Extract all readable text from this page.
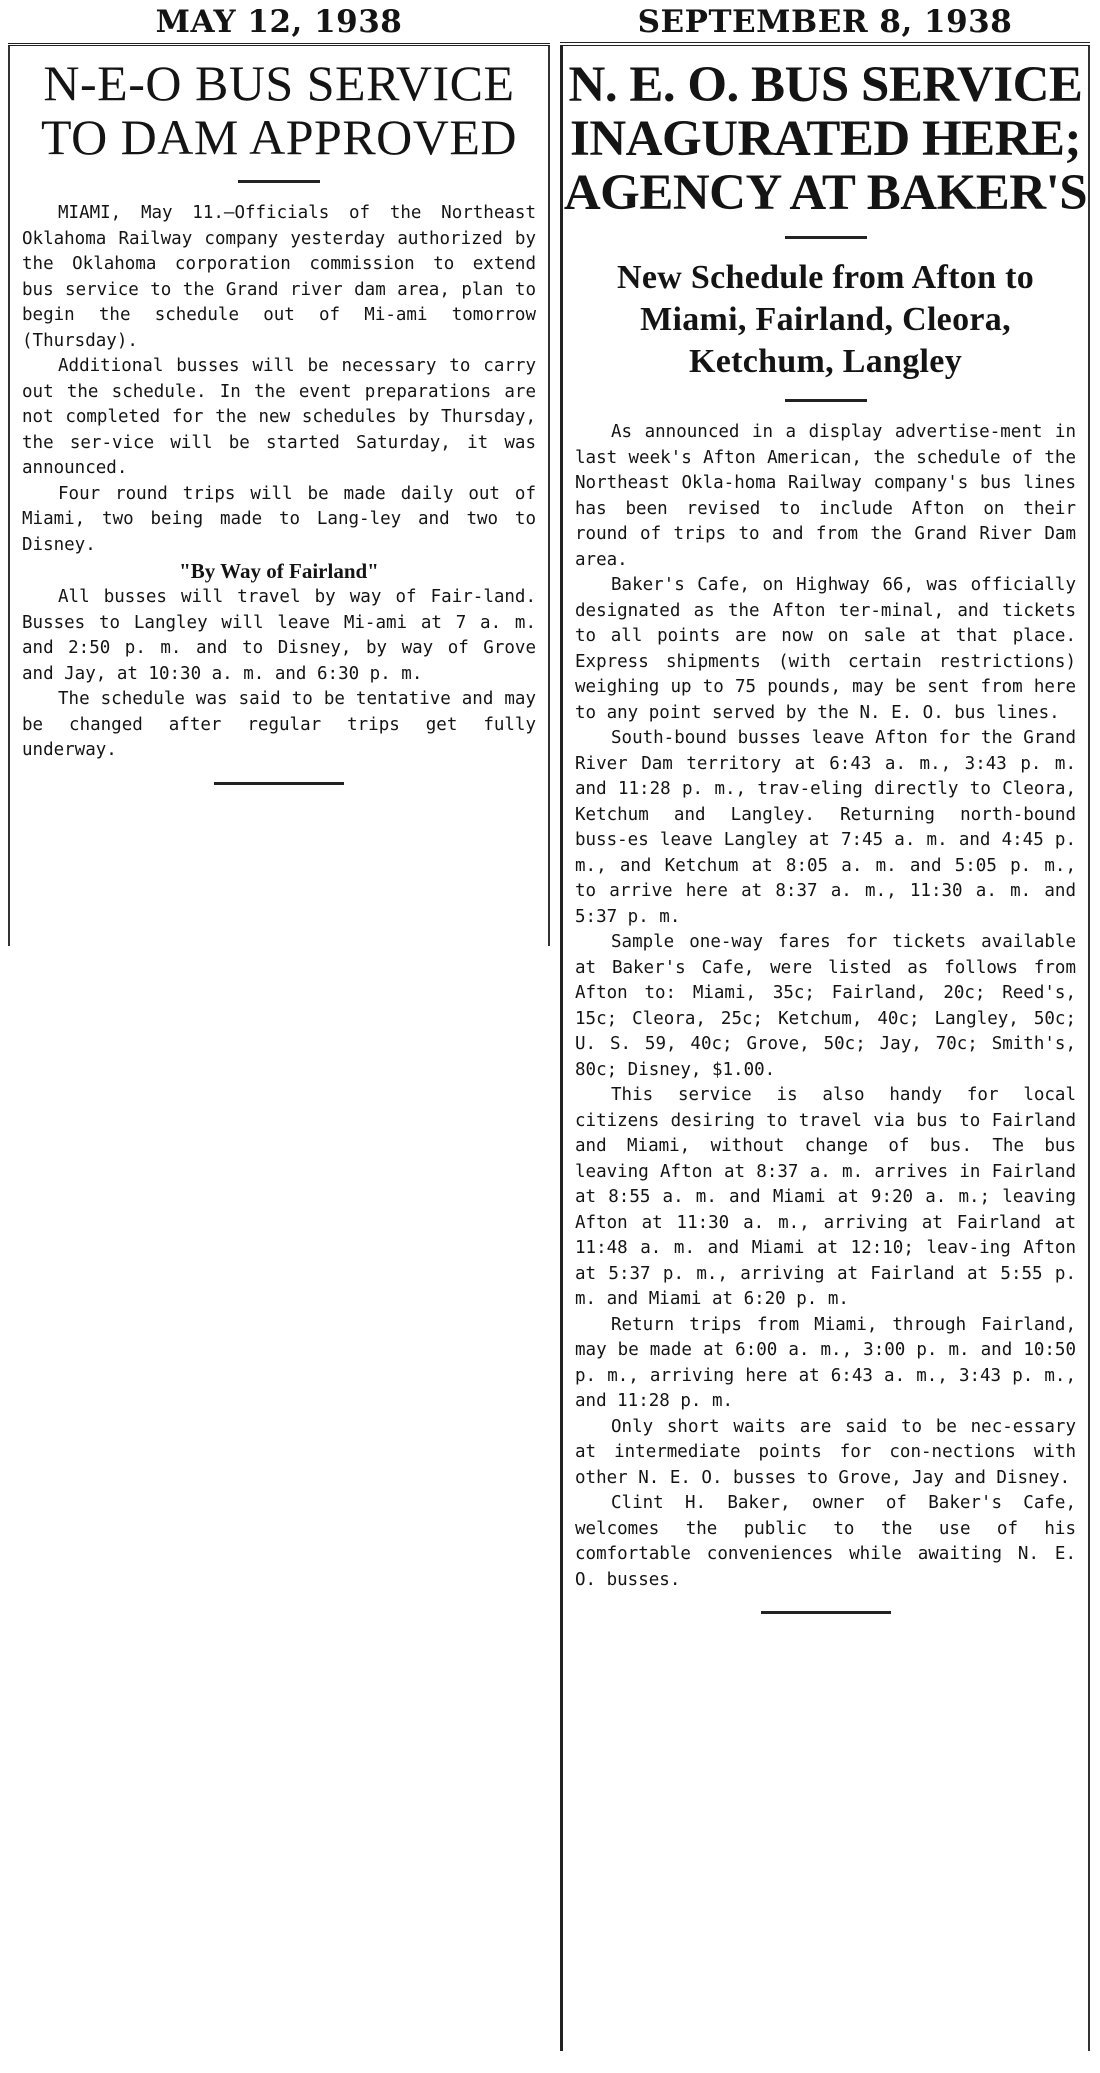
MAY 12, 1938
N-E-O BUS SERVICE TO DAM APPROVED

MIAMI, May 11.—Officials of the Northeast Oklahoma Railway company yesterday authorized by the Oklahoma corporation commission to extend bus service to the Grand river dam area, plan to begin the schedule out of Mi-ami tomorrow (Thursday).

Additional busses will be necessary to carry out the schedule. In the event preparations are not completed for the new schedules by Thursday, the ser-vice will be started Saturday, it was announced.

Four round trips will be made daily out of Miami, two being made to Lang-ley and two to Disney.

"By Way of Fairland"

All busses will travel by way of Fair-land. Busses to Langley will leave Mi-ami at 7 a. m. and 2:50 p. m. and to Disney, by way of Grove and Jay, at 10:30 a. m. and 6:30 p. m.

The schedule was said to be tentative and may be changed after regular trips get fully underway.

SEPTEMBER 8, 1938
N. E. O. BUS SERVICE INAGURATED HERE; AGENCY AT BAKER'S
New Schedule from Afton to Miami, Fairland, Cleora, Ketchum, Langley

As announced in a display advertise-ment in last week's Afton American, the schedule of the Northeast Okla-homa Railway company's bus lines has been revised to include Afton on their round of trips to and from the Grand River Dam area.

Baker's Cafe, on Highway 66, was officially designated as the Afton ter-minal, and tickets to all points are now on sale at that place. Express shipments (with certain restrictions) weighing up to 75 pounds, may be sent from here to any point served by the N. E. O. bus lines.

South-bound busses leave Afton for the Grand River Dam territory at 6:43 a. m., 3:43 p. m. and 11:28 p. m., trav-eling directly to Cleora, Ketchum and Langley. Returning north-bound buss-es leave Langley at 7:45 a. m. and 4:45 p. m., and Ketchum at 8:05 a. m. and 5:05 p. m., to arrive here at 8:37 a. m., 11:30 a. m. and 5:37 p. m.

Sample one-way fares for tickets available at Baker's Cafe, were listed as follows from Afton to: Miami, 35c; Fairland, 20c; Reed's, 15c; Cleora, 25c; Ketchum, 40c; Langley, 50c; U. S. 59, 40c; Grove, 50c; Jay, 70c; Smith's, 80c; Disney, $1.00.

This service is also handy for local citizens desiring to travel via bus to Fairland and Miami, without change of bus. The bus leaving Afton at 8:37 a. m. arrives in Fairland at 8:55 a. m. and Miami at 9:20 a. m.; leaving Afton at 11:30 a. m., arriving at Fairland at 11:48 a. m. and Miami at 12:10; leav-ing Afton at 5:37 p. m., arriving at Fairland at 5:55 p. m. and Miami at 6:20 p. m.

Return trips from Miami, through Fairland, may be made at 6:00 a. m., 3:00 p. m. and 10:50 p. m., arriving here at 6:43 a. m., 3:43 p. m., and 11:28 p. m.

Only short waits are said to be nec-essary at intermediate points for con-nections with other N. E. O. busses to Grove, Jay and Disney.

Clint H. Baker, owner of Baker's Cafe, welcomes the public to the use of his comfortable conveniences while awaiting N. E. O. busses.
